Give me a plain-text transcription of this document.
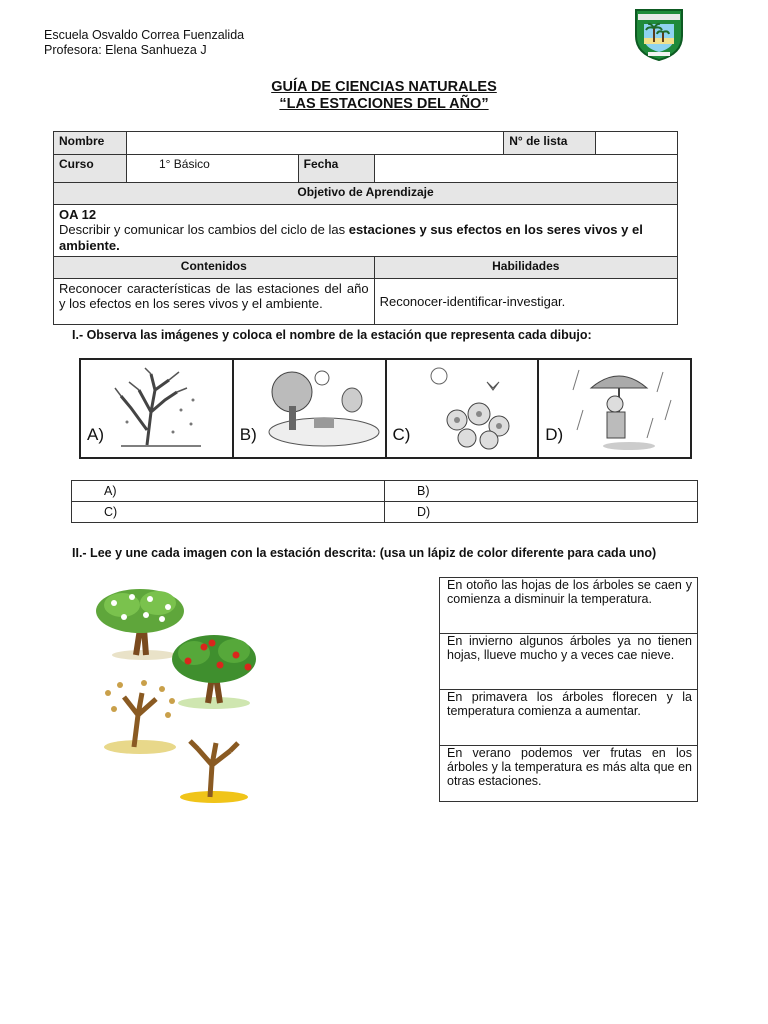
Escuela Osvaldo Correa Fuenzalida
Profesora: Elena Sanhueza J
GUÍA DE CIENCIAS NATURALES
“LAS ESTACIONES DEL AÑO”
Nombre				N° de lista	
Curso	1° Básico	Fecha			
Objetivo de Aprendizaje					

OA 12
Describir y comunicar los cambios del ciclo de las estaciones y sus efectos en los seres vivos y el ambiente.					

Contenidos			Habilidades		
Reconocer características de las estaciones del año y los efectos en los seres vivos y el ambiente.			Reconocer-identificar-investigar.		
I.- Observa las imágenes y coloca el nombre de la estación que representa cada dibujo:
A)	B)	C)	D)
A)	B)
C)	D)
II.- Lee y une cada imagen con la estación descrita: (usa un lápiz de color diferente para cada uno)
En otoño las hojas de los árboles se caen y comienza a disminuir la temperatura.
En invierno algunos árboles ya no tienen hojas, llueve mucho y a veces cae nieve.
En primavera los árboles florecen y la temperatura comienza a aumentar.
En verano podemos ver frutas en los árboles y la temperatura es más alta que en otras estaciones.
